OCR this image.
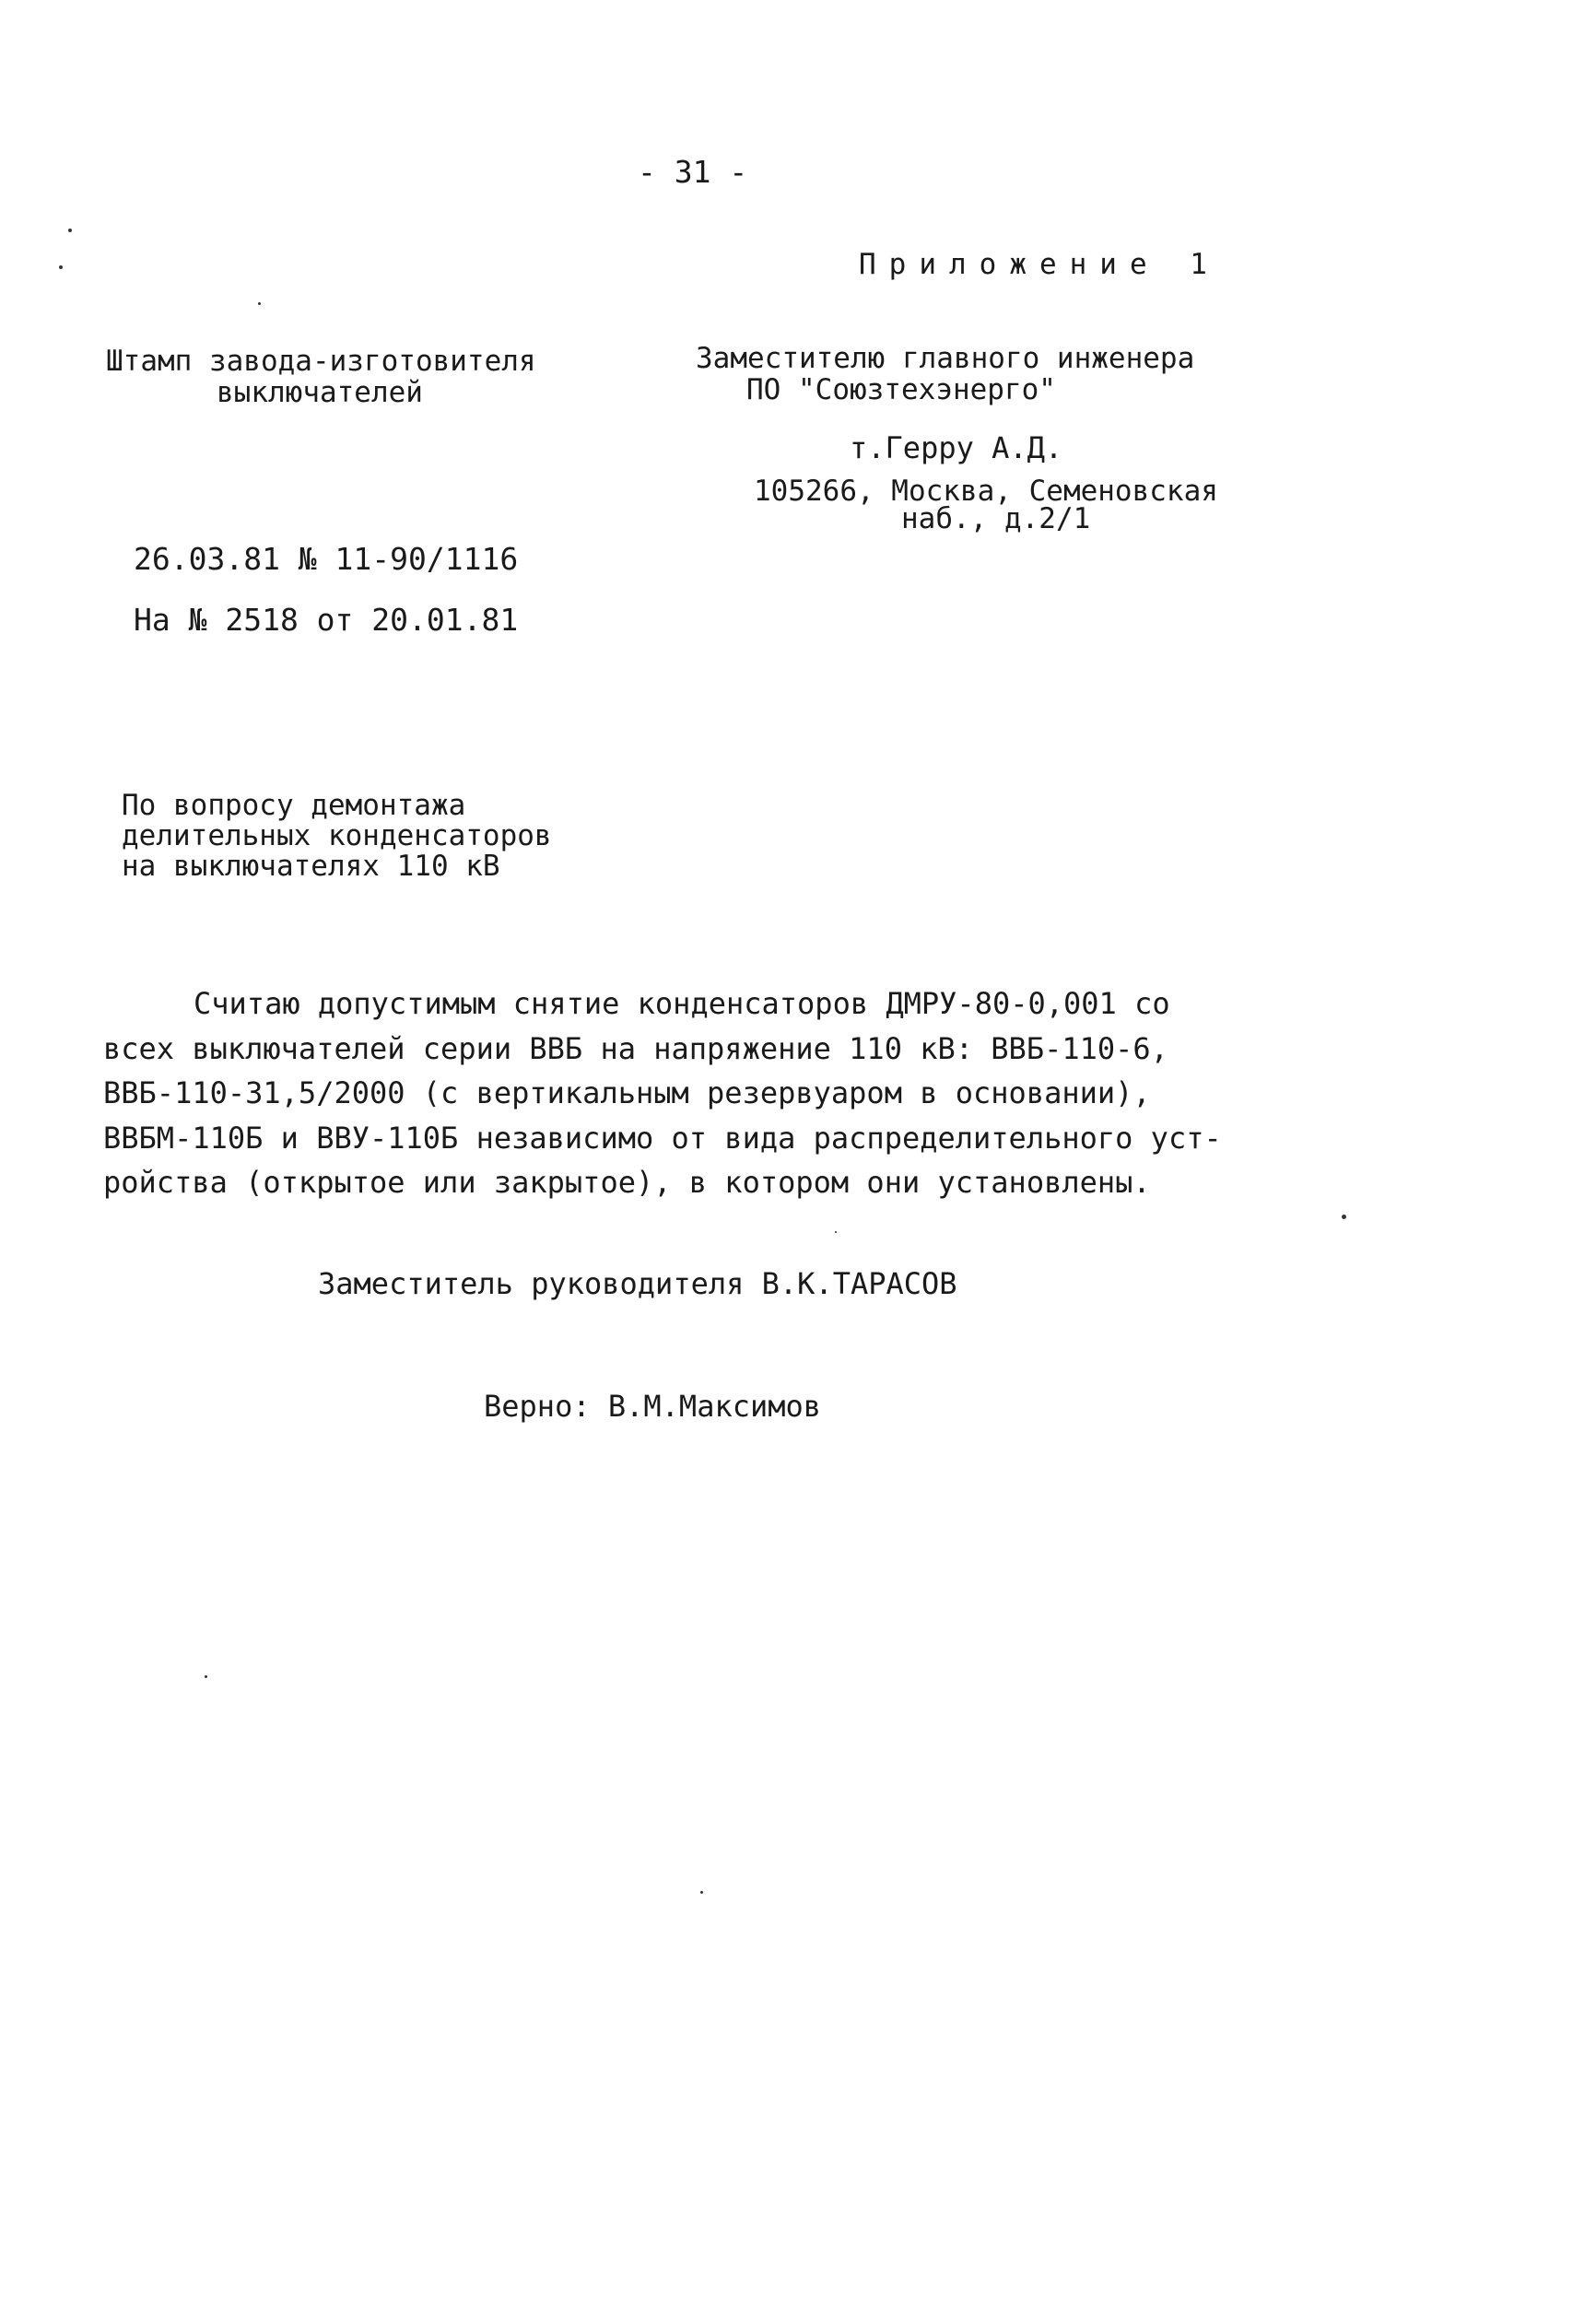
- 31 -
Приложение 1
Штамп завода-изготовителя
выключателей
Заместителю главного инженера
ПО "Союзтехэнерго"
т.Герру А.Д.
105266, Москва, Семеновская
наб., д.2/1
26.03.81 № 11-90/1116
На № 2518 от 20.01.81
По вопросу демонтажа
делительных конденсаторов
на выключателях 110 кВ
Считаю допустимым снятие конденсаторов ДМРУ-80-0,001 со
всех выключателей серии ВВБ на напряжение 110 кВ: ВВБ-110-6,
ВВБ-110-31,5/2000 (с вертикальным резервуаром в основании),
ВВБМ-110Б и ВВУ-110Б независимо от вида распределительного уст-
ройства (открытое или закрытое), в котором они установлены.
Заместитель руководителя В.К.ТАРАСОВ
Верно: В.М.Максимов
